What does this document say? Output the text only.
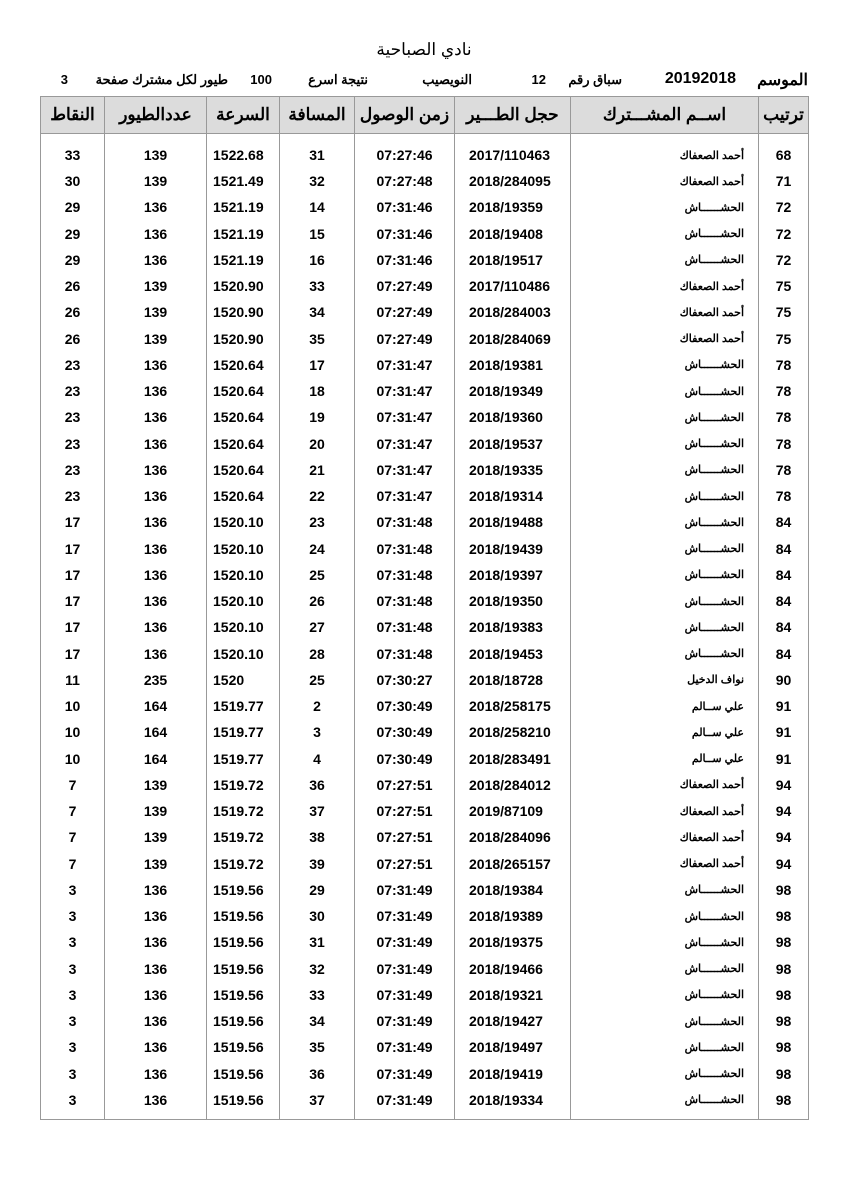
نادي الصباحية
الموسم
20192018
سباق رقم
12
النويصيب
نتيجة اسرع
100
طيور لكل مشترك صفحة
3
ترتيب	اســم المشـــترك	حجل الطـــير	زمن الوصول	المسافة	السرعة	عددالطيور	النقاط
68	أحمد الصعفاك	2017/110463	07:27:46	31	1522.68	139	33
71	أحمد الصعفاك	2018/284095	07:27:48	32	1521.49	139	30
72	الحشــــــاش	2018/19359	07:31:46	14	1521.19	136	29
72	الحشــــــاش	2018/19408	07:31:46	15	1521.19	136	29
72	الحشــــــاش	2018/19517	07:31:46	16	1521.19	136	29
75	أحمد الصعفاك	2017/110486	07:27:49	33	1520.90	139	26
75	أحمد الصعفاك	2018/284003	07:27:49	34	1520.90	139	26
75	أحمد الصعفاك	2018/284069	07:27:49	35	1520.90	139	26
78	الحشــــــاش	2018/19381	07:31:47	17	1520.64	136	23
78	الحشــــــاش	2018/19349	07:31:47	18	1520.64	136	23
78	الحشــــــاش	2018/19360	07:31:47	19	1520.64	136	23
78	الحشــــــاش	2018/19537	07:31:47	20	1520.64	136	23
78	الحشــــــاش	2018/19335	07:31:47	21	1520.64	136	23
78	الحشــــــاش	2018/19314	07:31:47	22	1520.64	136	23
84	الحشــــــاش	2018/19488	07:31:48	23	1520.10	136	17
84	الحشــــــاش	2018/19439	07:31:48	24	1520.10	136	17
84	الحشــــــاش	2018/19397	07:31:48	25	1520.10	136	17
84	الحشــــــاش	2018/19350	07:31:48	26	1520.10	136	17
84	الحشــــــاش	2018/19383	07:31:48	27	1520.10	136	17
84	الحشــــــاش	2018/19453	07:31:48	28	1520.10	136	17
90	نواف الدخيل	2018/18728	07:30:27	25	1520	235	11
91	علي ســالم	2018/258175	07:30:49	2	1519.77	164	10
91	علي ســالم	2018/258210	07:30:49	3	1519.77	164	10
91	علي ســالم	2018/283491	07:30:49	4	1519.77	164	10
94	أحمد الصعفاك	2018/284012	07:27:51	36	1519.72	139	7
94	أحمد الصعفاك	2019/87109	07:27:51	37	1519.72	139	7
94	أحمد الصعفاك	2018/284096	07:27:51	38	1519.72	139	7
94	أحمد الصعفاك	2018/265157	07:27:51	39	1519.72	139	7
98	الحشــــــاش	2018/19384	07:31:49	29	1519.56	136	3
98	الحشــــــاش	2018/19389	07:31:49	30	1519.56	136	3
98	الحشــــــاش	2018/19375	07:31:49	31	1519.56	136	3
98	الحشــــــاش	2018/19466	07:31:49	32	1519.56	136	3
98	الحشــــــاش	2018/19321	07:31:49	33	1519.56	136	3
98	الحشــــــاش	2018/19427	07:31:49	34	1519.56	136	3
98	الحشــــــاش	2018/19497	07:31:49	35	1519.56	136	3
98	الحشــــــاش	2018/19419	07:31:49	36	1519.56	136	3
98	الحشــــــاش	2018/19334	07:31:49	37	1519.56	136	3
